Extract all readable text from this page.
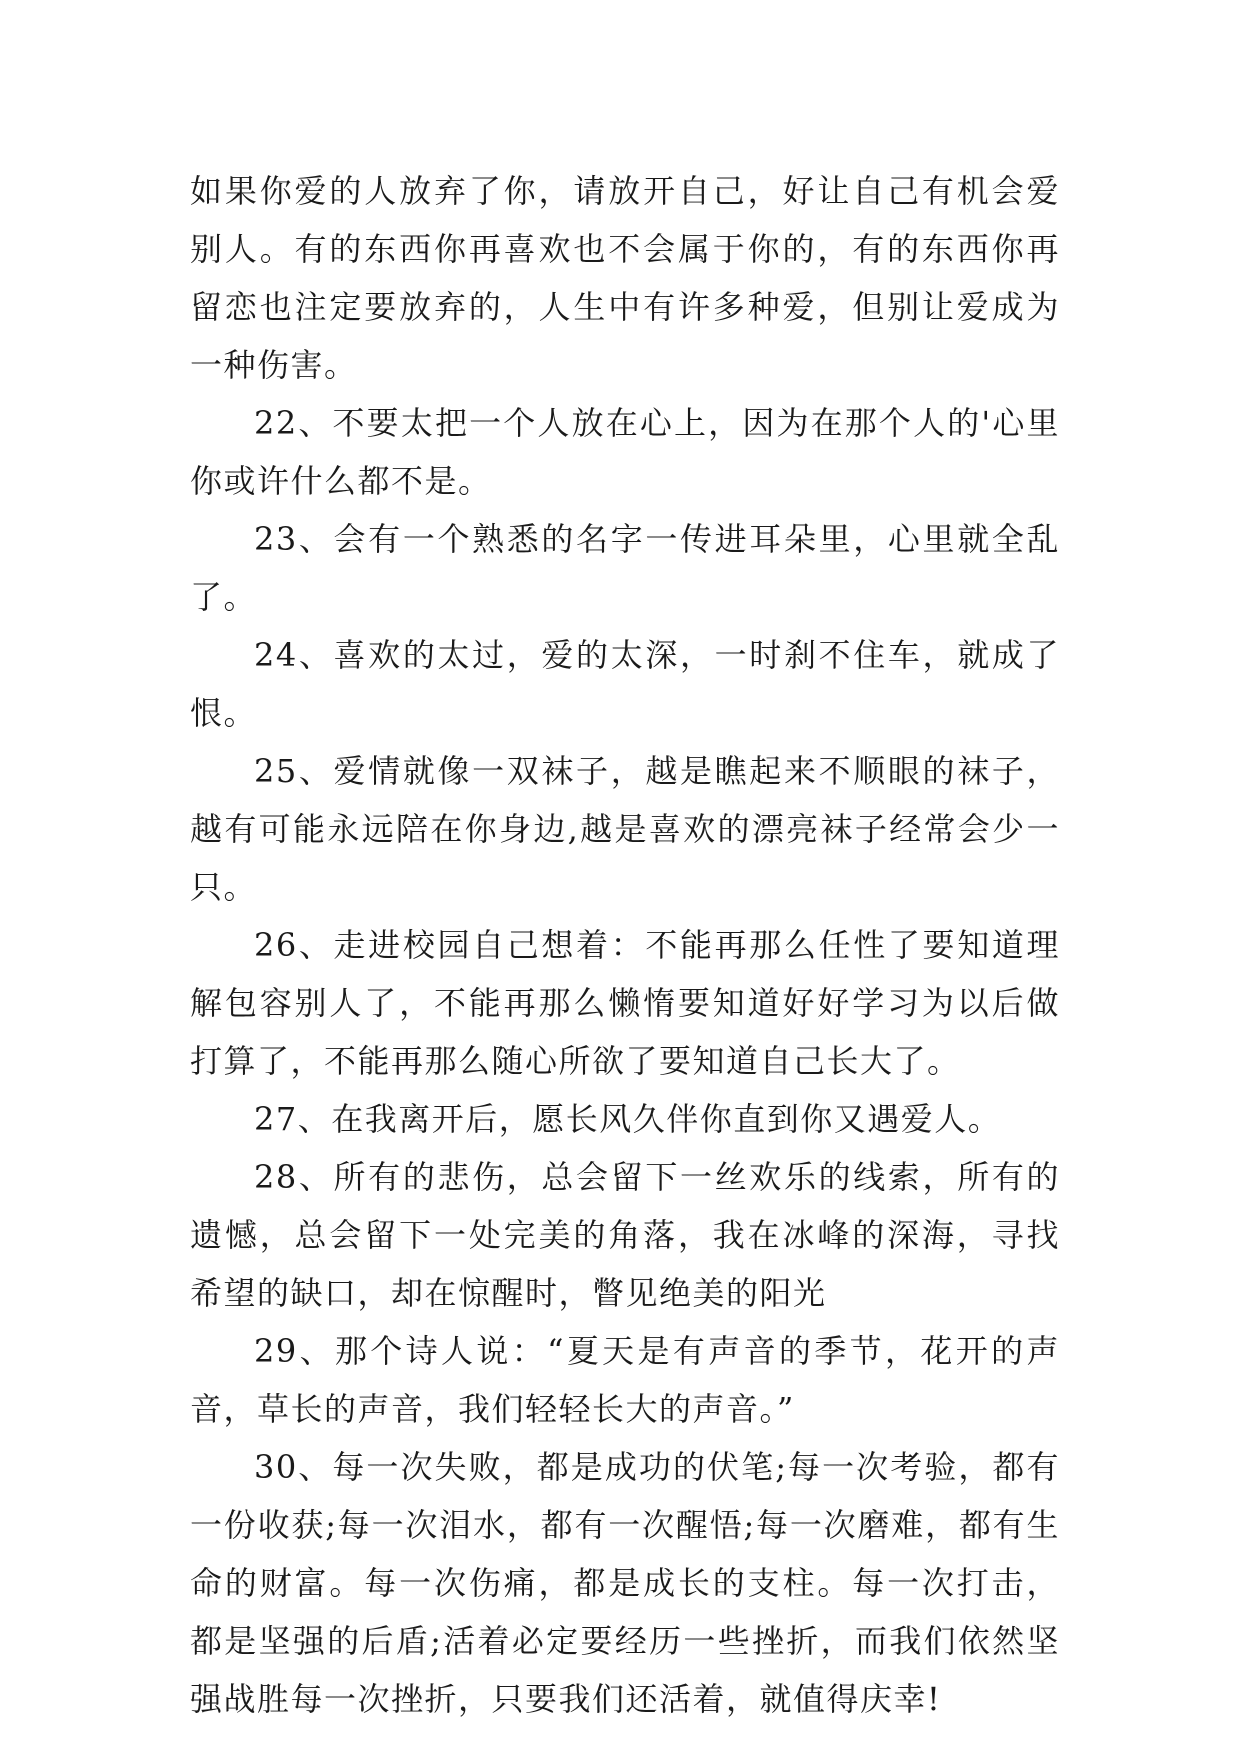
如果你爱的人放弃了你，请放开自己，好让自己有机会爱别人。有的东西你再喜欢也不会属于你的，有的东西你再留恋也注定要放弃的，人生中有许多种爱，但别让爱成为一种伤害。

22、不要太把一个人放在心上，因为在那个人的'心里你或许什么都不是。

23、会有一个熟悉的名字一传进耳朵里，心里就全乱了。

24、喜欢的太过，爱的太深，一时刹不住车，就成了恨。

25、爱情就像一双袜子，越是瞧起来不顺眼的袜子，越有可能永远陪在你身边,越是喜欢的漂亮袜子经常会少一只。

26、走进校园自己想着：不能再那么任性了要知道理解包容别人了，不能再那么懒惰要知道好好学习为以后做打算了，不能再那么随心所欲了要知道自己长大了。

27、在我离开后，愿长风久伴你直到你又遇爱人。

28、所有的悲伤，总会留下一丝欢乐的线索，所有的遗憾，总会留下一处完美的角落，我在冰峰的深海，寻找希望的缺口，却在惊醒时，瞥见绝美的阳光

29、那个诗人说：“夏天是有声音的季节，花开的声音，草长的声音，我们轻轻长大的声音。”

30、每一次失败，都是成功的伏笔;每一次考验，都有一份收获;每一次泪水，都有一次醒悟;每一次磨难，都有生命的财富。每一次伤痛，都是成长的支柱。每一次打击，都是坚强的后盾;活着必定要经历一些挫折，而我们依然坚强战胜每一次挫折，只要我们还活着，就值得庆幸!
